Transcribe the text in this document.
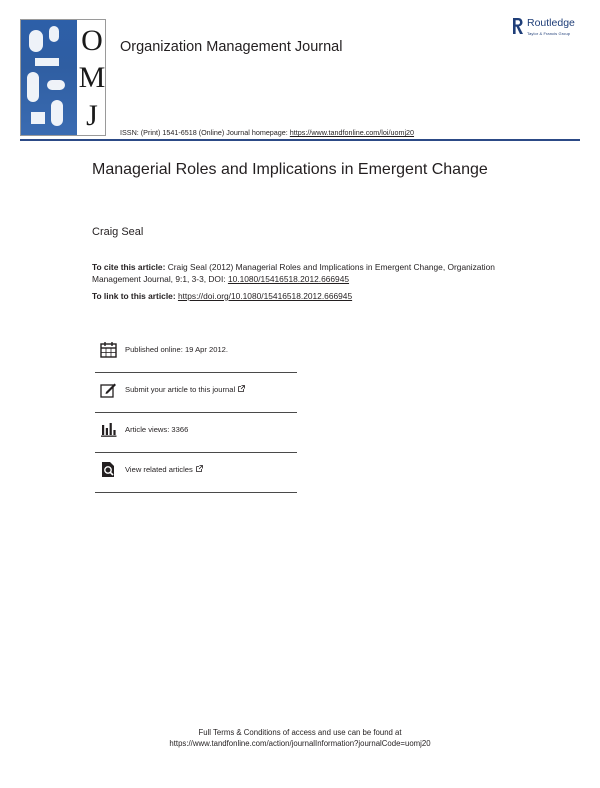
O
M
J
Organization Management Journal
Routledge
Taylor & Francis Group
ISSN: (Print) 1541-6518 (Online) Journal homepage: https://www.tandfonline.com/loi/uomj20
Managerial Roles and Implications in Emergent Change
Craig Seal
To cite this article: Craig Seal (2012) Managerial Roles and Implications in Emergent Change, Organization Management Journal, 9:1, 3-3, DOI: 10.1080/15416518.2012.666945
To link to this article: https://doi.org/10.1080/15416518.2012.666945
Published online: 19 Apr 2012.
Submit your article to this journal
Article views: 3366
View related articles
Full Terms & Conditions of access and use can be found at
https://www.tandfonline.com/action/journalInformation?journalCode=uomj20
